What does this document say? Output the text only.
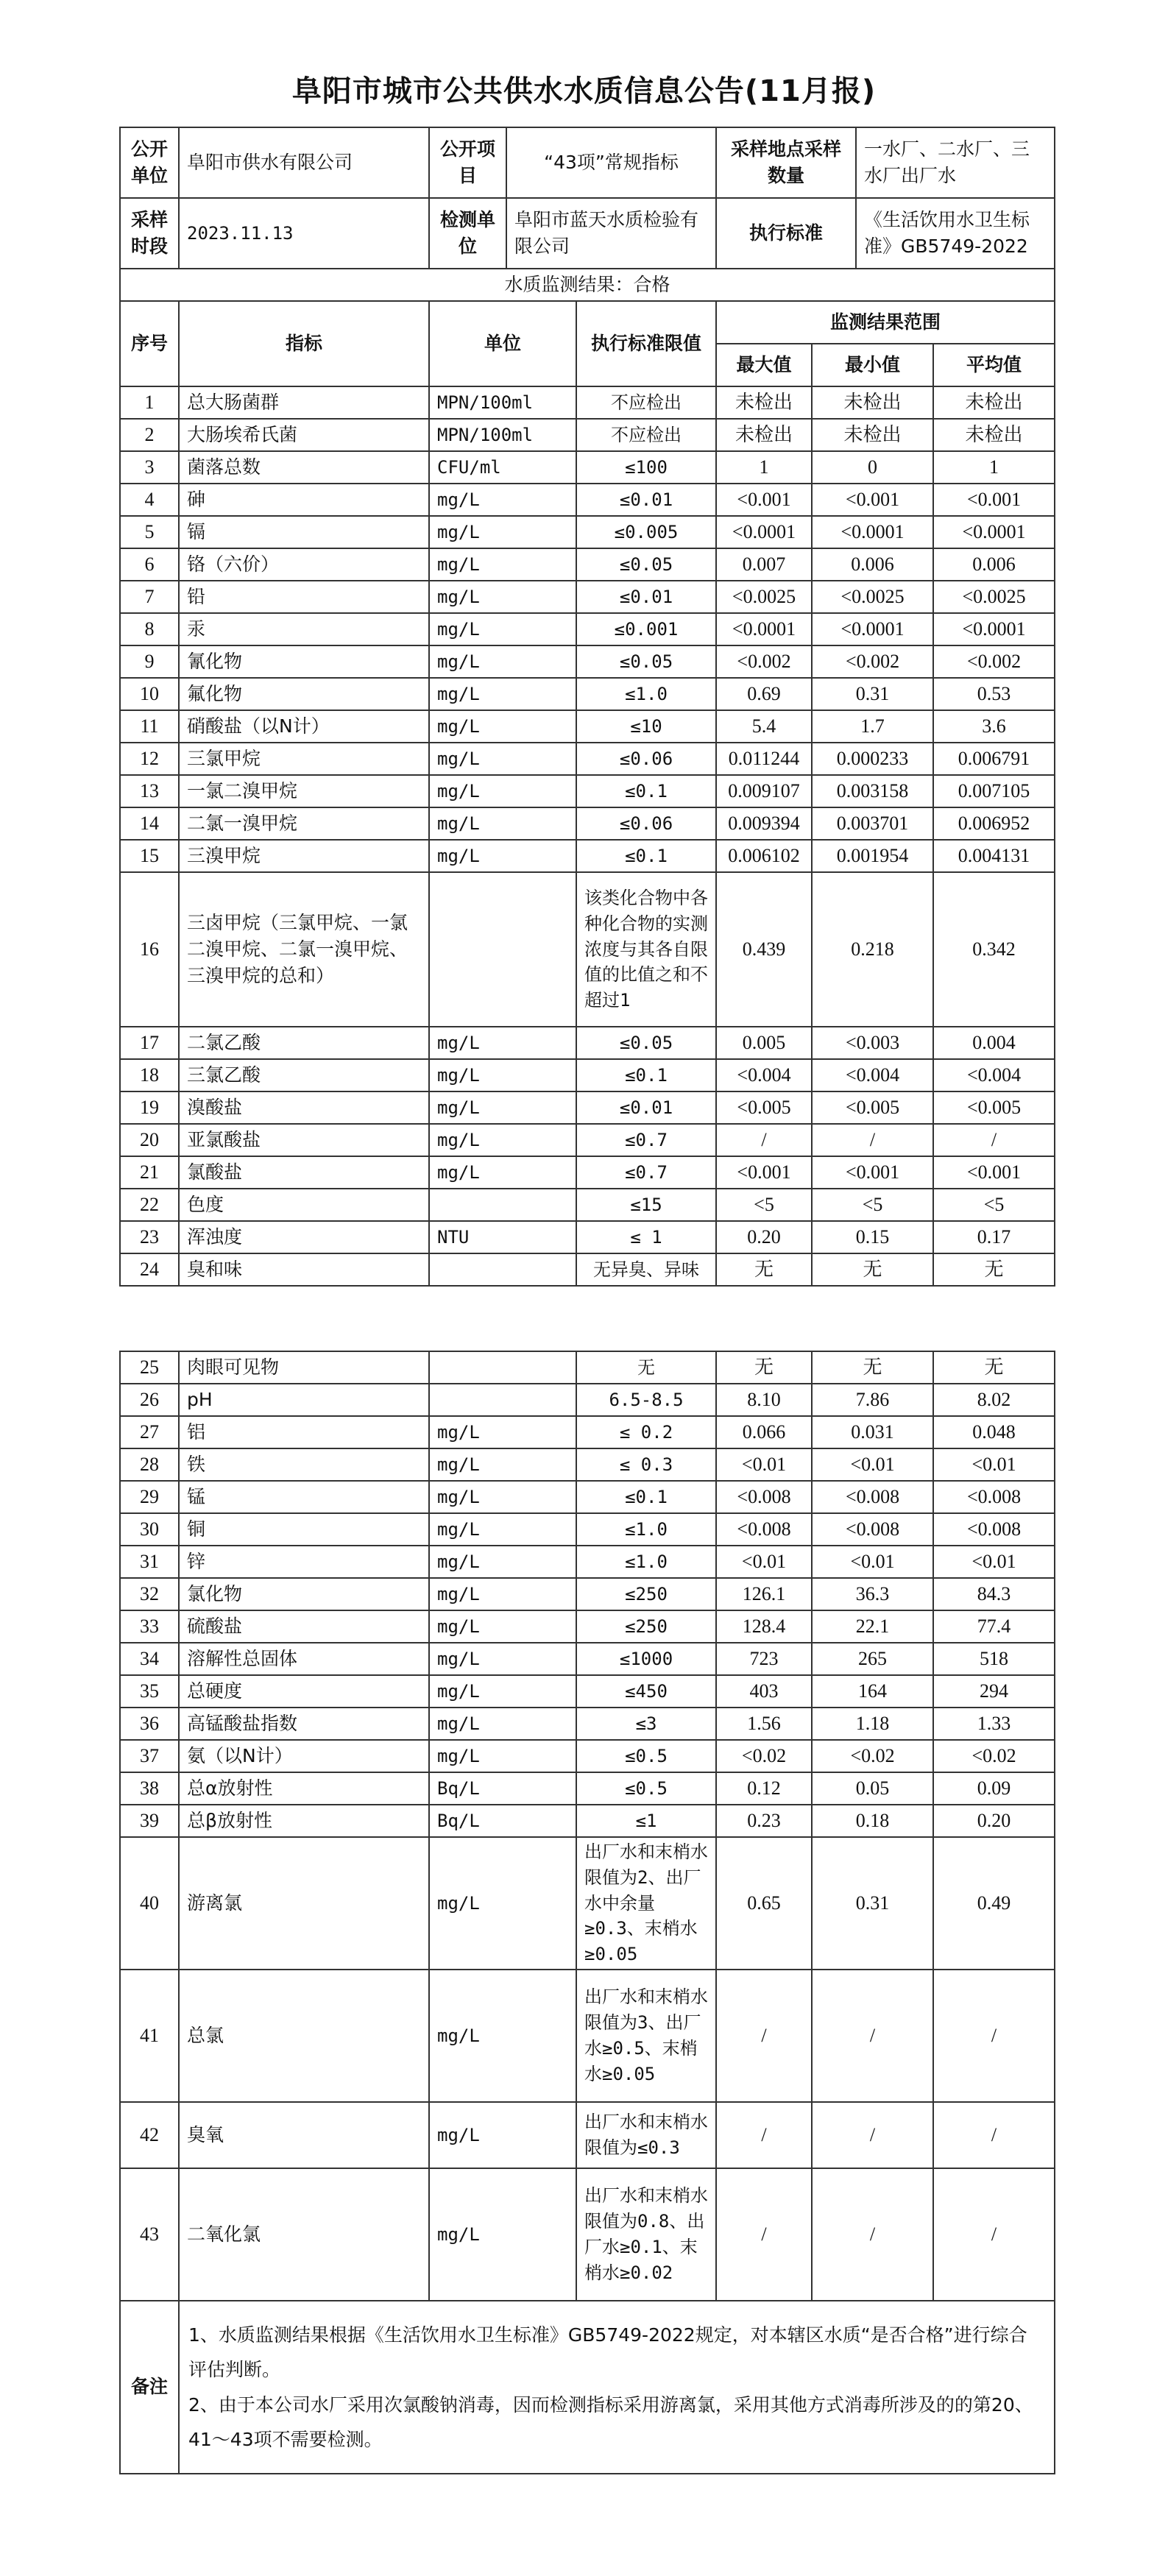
阜阳市城市公共供水水质信息公告(11月报)
公开单位	阜阳市供水有限公司	公开项目	“43项”常规指标		采样地点采样数量		一水厂、二水厂、三水厂出厂水	
采样时段	2023.11.13	检测单位	阜阳市蓝天水质检验有限公司		执行标准		《生活饮用水卫生标准》GB5749-2022	
水质监测结果：合格								
序号	指标	单位		执行标准限值	监测结果范围			
					最大值	最小值		平均值
1	总大肠菌群	MPN/100ml		不应检出	未检出	未检出		未检出
2	大肠埃希氏菌	MPN/100ml		不应检出	未检出	未检出		未检出
3	菌落总数	CFU/ml		≤100	1	0		1
4	砷	mg/L		≤0.01	<0.001	<0.001		<0.001
5	镉	mg/L		≤0.005	<0.0001	<0.0001		<0.0001
6	铬（六价）	mg/L		≤0.05	0.007	0.006		0.006
7	铅	mg/L		≤0.01	<0.0025	<0.0025		<0.0025
8	汞	mg/L		≤0.001	<0.0001	<0.0001		<0.0001
9	氰化物	mg/L		≤0.05	<0.002	<0.002		<0.002
10	氟化物	mg/L		≤1.0	0.69	0.31		0.53
11	硝酸盐（以N计）	mg/L		≤10	5.4	1.7		3.6
12	三氯甲烷	mg/L		≤0.06	0.011244	0.000233		0.006791
13	一氯二溴甲烷	mg/L		≤0.1	0.009107	0.003158		0.007105
14	二氯一溴甲烷	mg/L		≤0.06	0.009394	0.003701		0.006952
15	三溴甲烷	mg/L		≤0.1	0.006102	0.001954		0.004131
16	三卤甲烷（三氯甲烷、一氯二溴甲烷、二氯一溴甲烷、三溴甲烷的总和）			该类化合物中各种化合物的实测浓度与其各自限值的比值之和不超过1	0.439	0.218		0.342
17	二氯乙酸	mg/L		≤0.05	0.005	<0.003		0.004
18	三氯乙酸	mg/L		≤0.1	<0.004	<0.004		<0.004
19	溴酸盐	mg/L		≤0.01	<0.005	<0.005		<0.005
20	亚氯酸盐	mg/L		≤0.7	/	/		/
21	氯酸盐	mg/L		≤0.7	<0.001	<0.001		<0.001
22	色度			≤15	<5	<5		<5
23	浑浊度	NTU		≤ 1	0.20	0.15		0.17
24	臭和味			无异臭、异味	无	无		无
25	肉眼可见物		无	无	无	无
26	pH		6.5-8.5	8.10	7.86	8.02
27	铝	mg/L	≤ 0.2	0.066	0.031	0.048
28	铁	mg/L	≤ 0.3	<0.01	<0.01	<0.01
29	锰	mg/L	≤0.1	<0.008	<0.008	<0.008
30	铜	mg/L	≤1.0	<0.008	<0.008	<0.008
31	锌	mg/L	≤1.0	<0.01	<0.01	<0.01
32	氯化物	mg/L	≤250	126.1	36.3	84.3
33	硫酸盐	mg/L	≤250	128.4	22.1	77.4
34	溶解性总固体	mg/L	≤1000	723	265	518
35	总硬度	mg/L	≤450	403	164	294
36	高锰酸盐指数	mg/L	≤3	1.56	1.18	1.33
37	氨（以N计）	mg/L	≤0.5	<0.02	<0.02	<0.02
38	总α放射性	Bq/L	≤0.5	0.12	0.05	0.09
39	总β放射性	Bq/L	≤1	0.23	0.18	0.20
40	游离氯	mg/L	出厂水和末梢水限值为2、出厂水中余量≥0.3、末梢水≥0.05	0.65	0.31	0.49
41	总氯	mg/L	出厂水和末梢水限值为3、出厂水≥0.5、末梢水≥0.05	/	/	/
42	臭氧	mg/L	出厂水和末梢水限值为≤0.3	/	/	/
43	二氧化氯	mg/L	出厂水和末梢水限值为0.8、出厂水≥0.1、末梢水≥0.02	/	/	/
备注	1、水质监测结果根据《生活饮用水卫生标准》GB5749-2022规定，对本辖区水质“是否合格”进行综合评估判断。
2、由于本公司水厂采用次氯酸钠消毒，因而检测指标采用游离氯，采用其他方式消毒所涉及的的第20、41～43项不需要检测。					
